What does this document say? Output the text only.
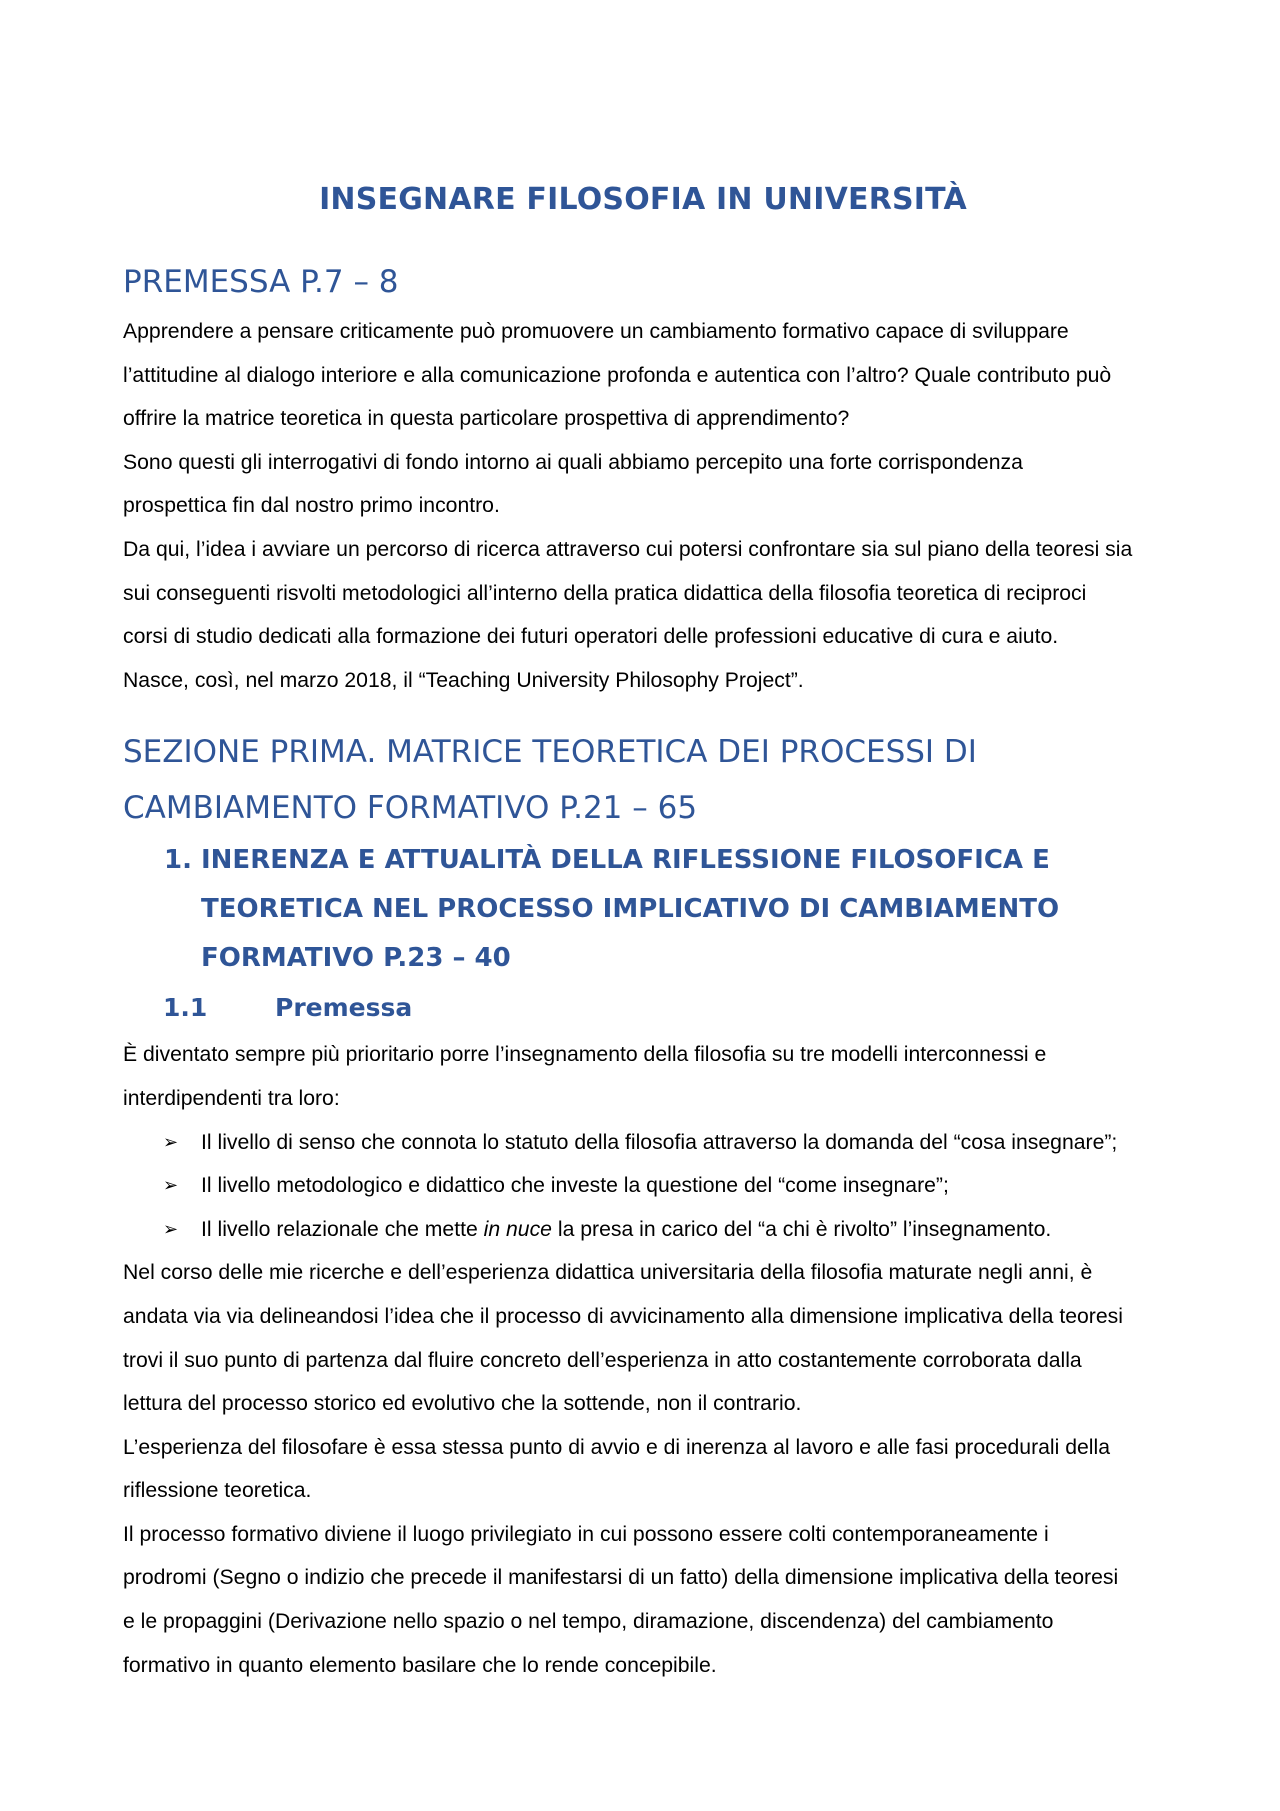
INSEGNARE FILOSOFIA IN UNIVERSITÀ
PREMESSA P.7 – 8

Apprendere a pensare criticamente può promuovere un cambiamento formativo capace di sviluppare

l’attitudine al dialogo interiore e alla comunicazione profonda e autentica con l’altro? Quale contributo può

offrire la matrice teoretica in questa particolare prospettiva di apprendimento?

Sono questi gli interrogativi di fondo intorno ai quali abbiamo percepito una forte corrispondenza

prospettica fin dal nostro primo incontro.

Da qui, l’idea i avviare un percorso di ricerca attraverso cui potersi confrontare sia sul piano della teoresi sia

sui conseguenti risvolti metodologici all’interno della pratica didattica della filosofia teoretica di reciproci

corsi di studio dedicati alla formazione dei futuri operatori delle professioni educative di cura e aiuto.

Nasce, così, nel marzo 2018, il “Teaching University Philosophy Project”.

SEZIONE PRIMA. MATRICE TEORETICA DEI PROCESSI DI
CAMBIAMENTO FORMATIVO P.21 – 65
1. INERENZA E ATTUALITÀ DELLA RIFLESSIONE FILOSOFICA E
TEORETICA NEL PROCESSO IMPLICATIVO DI CAMBIAMENTO
FORMATIVO P.23 – 40
1.1	Premessa

È diventato sempre più prioritario porre l’insegnamento della filosofia su tre modelli interconnessi e

interdipendenti tra loro:

➢	Il livello di senso che connota lo statuto della filosofia attraverso la domanda del “cosa insegnare”;
➢	Il livello metodologico e didattico che investe la questione del “come insegnare”;
➢	Il livello relazionale che mette in nuce la presa in carico del “a chi è rivolto” l’insegnamento.

Nel corso delle mie ricerche e dell’esperienza didattica universitaria della filosofia maturate negli anni, è

andata via via delineandosi l’idea che il processo di avvicinamento alla dimensione implicativa della teoresi

trovi il suo punto di partenza dal fluire concreto dell’esperienza in atto costantemente corroborata dalla

lettura del processo storico ed evolutivo che la sottende, non il contrario.

L’esperienza del filosofare è essa stessa punto di avvio e di inerenza al lavoro e alle fasi procedurali della

riflessione teoretica.

Il processo formativo diviene il luogo privilegiato in cui possono essere colti contemporaneamente i

prodromi (Segno o indizio che precede il manifestarsi di un fatto) della dimensione implicativa della teoresi

e le propaggini (Derivazione nello spazio o nel tempo, diramazione, discendenza) del cambiamento

formativo in quanto elemento basilare che lo rende concepibile.
